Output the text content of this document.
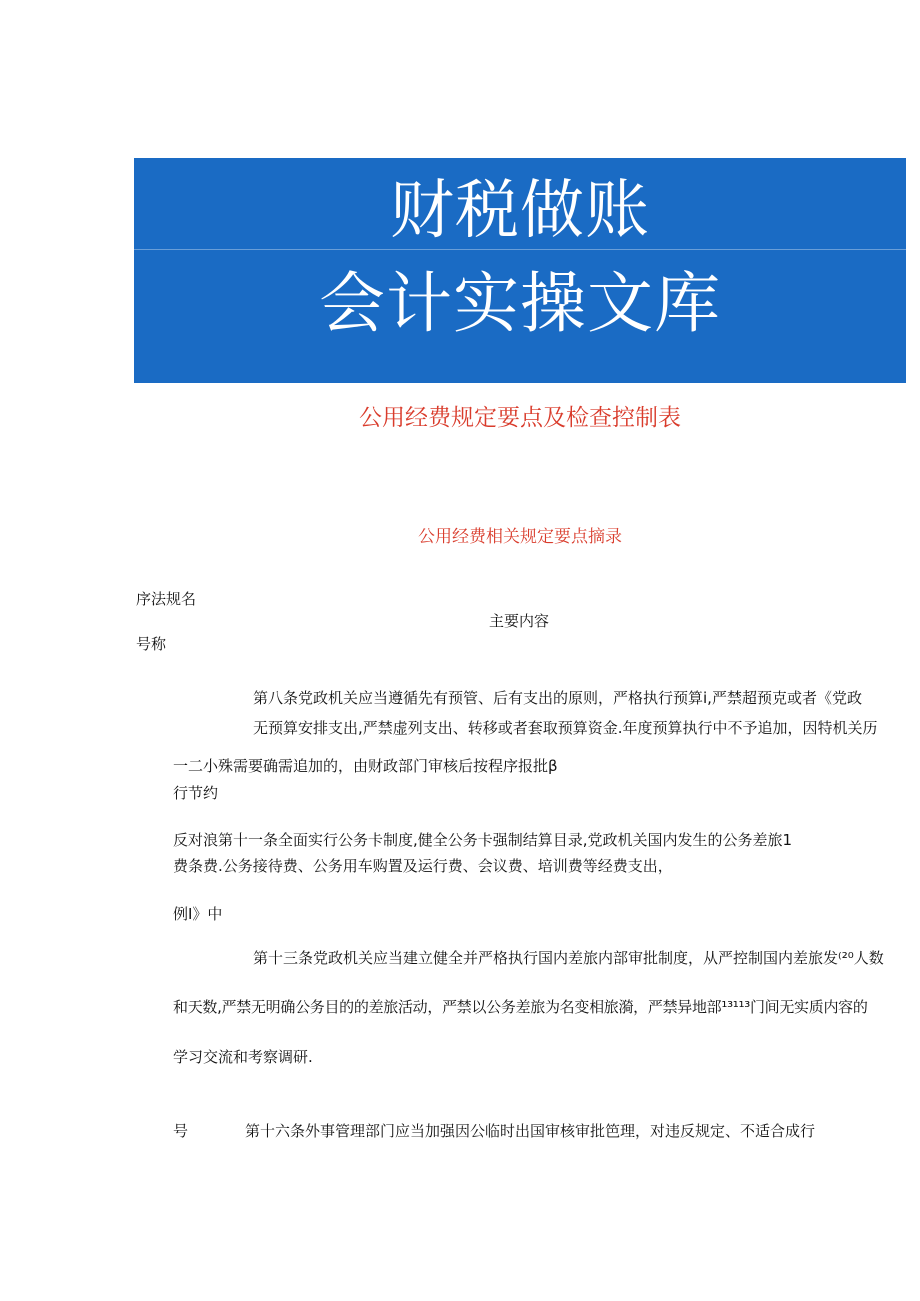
财税做账
会计实操文库
公用经费规定要点及检查控制表
公用经费相关规定要点摘录
序法规名
主要内容
号称
第八条党政机关应当遵循先有预管、后有支出的原则，严格执行预算i,严禁超预克或者《党政
无预算安排支出,严禁虚列支出、转移或者套取预算资金.年度预算执行中不予追加，因特机关历
一二小殊需要确需追加的，由财政部门审核后按程序报批β
行节约
反对浪第十一条全面实行公务卡制度,健全公务卡强制结算目录,党政机关国内发生的公务差旅1
费条费.公务接待费、公务用车购置及运行费、会议费、培训费等经费支出，
例I》中
第十三条党政机关应当建立健全并严格执行国内差旅内部审批制度，从严控制国内差旅发⁽²⁰人数
和天数,严禁无明确公务目的的差旅活动，严禁以公务差旅为名变相旅漪，严禁异地部¹³¹¹³门间无实质内容的
学习交流和考察调研.
号	第十六条外事管理部门应当加强因公临时出国审核审批笆理，对违反规定、不适合成行
